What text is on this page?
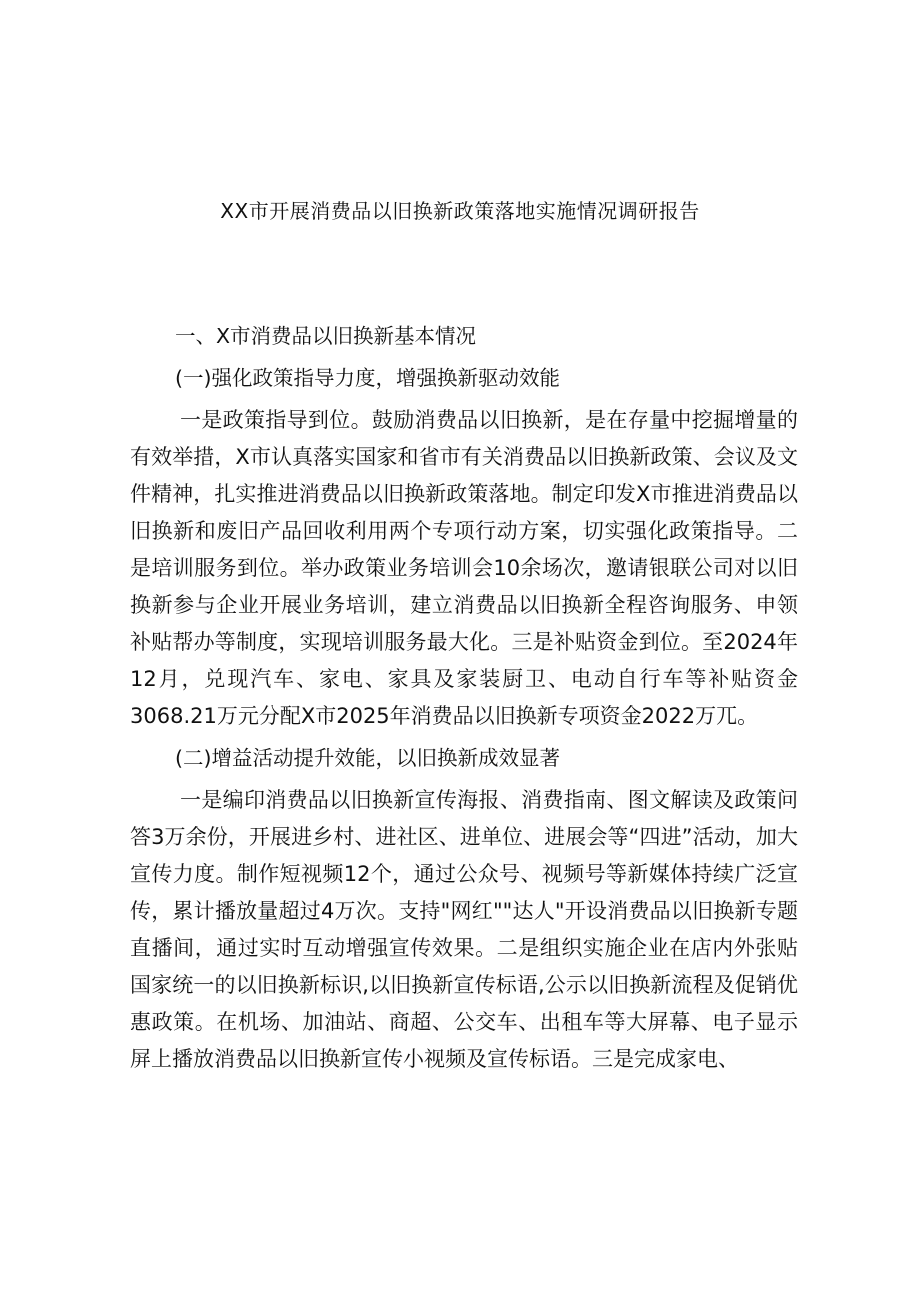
XX市开展消费品以旧换新政策落地实施情况调研报告

一、X市消费品以旧换新基本情况

(一)强化政策指导力度，增强换新驱动效能

一是政策指导到位。鼓励消费品以旧换新，是在存量中挖掘增量的有效举措，X市认真落实国家和省市有关消费品以旧换新政策、会议及文件精神，扎实推进消费品以旧换新政策落地。制定印发X市推进消费品以旧换新和废旧产品回收利用两个专项行动方案，切实强化政策指导。二是培训服务到位。举办政策业务培训会10余场次，邀请银联公司对以旧换新参与企业开展业务培训，建立消费品以旧换新全程咨询服务、申领补贴帮办等制度，实现培训服务最大化。三是补贴资金到位。至2024年12月，兑现汽车、家电、家具及家装厨卫、电动自行车等补贴资金3068.21万元分配X市2025年消费品以旧换新专项资金2022万兀。

(二)增益活动提升效能，以旧换新成效显著

一是编印消费品以旧换新宣传海报、消费指南、图文解读及政策问答3万余份，开展进乡村、进社区、进单位、进展会等“四进”活动，加大宣传力度。制作短视频12个，通过公众号、视频号等新媒体持续广泛宣传，累计播放量超过4万次。支持"网红""达人"开设消费品以旧换新专题直播间，通过实时互动增强宣传效果。二是组织实施企业在店内外张贴国家统一的以旧换新标识,以旧换新宣传标语,公示以旧换新流程及促销优惠政策。在机场、加油站、商超、公交车、出租车等大屏幕、电子显示屏上播放消费品以旧换新宣传小视频及宣传标语。三是完成家电、
